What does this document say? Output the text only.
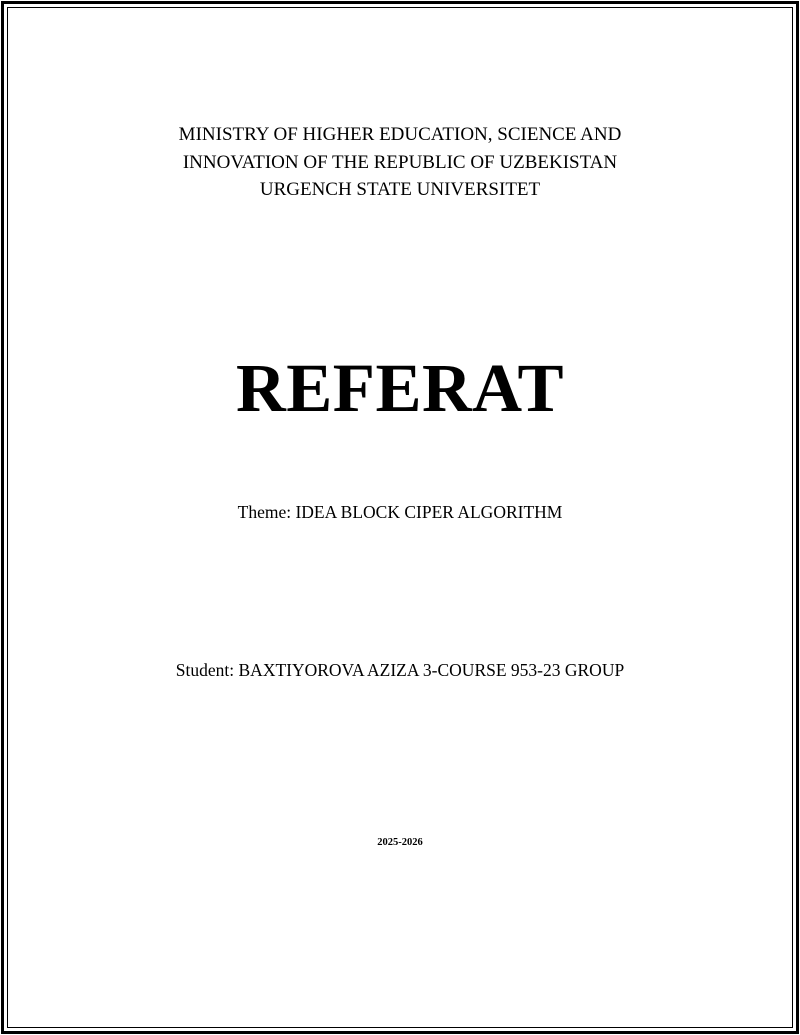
MINISTRY OF HIGHER EDUCATION, SCIENCE AND
INNOVATION OF THE REPUBLIC OF UZBEKISTAN
URGENCH STATE UNIVERSITET
REFERAT
Theme: IDEA BLOCK CIPER ALGORITHM
Student: BAXTIYOROVA AZIZA 3-COURSE 953-23 GROUP
2025-2026
